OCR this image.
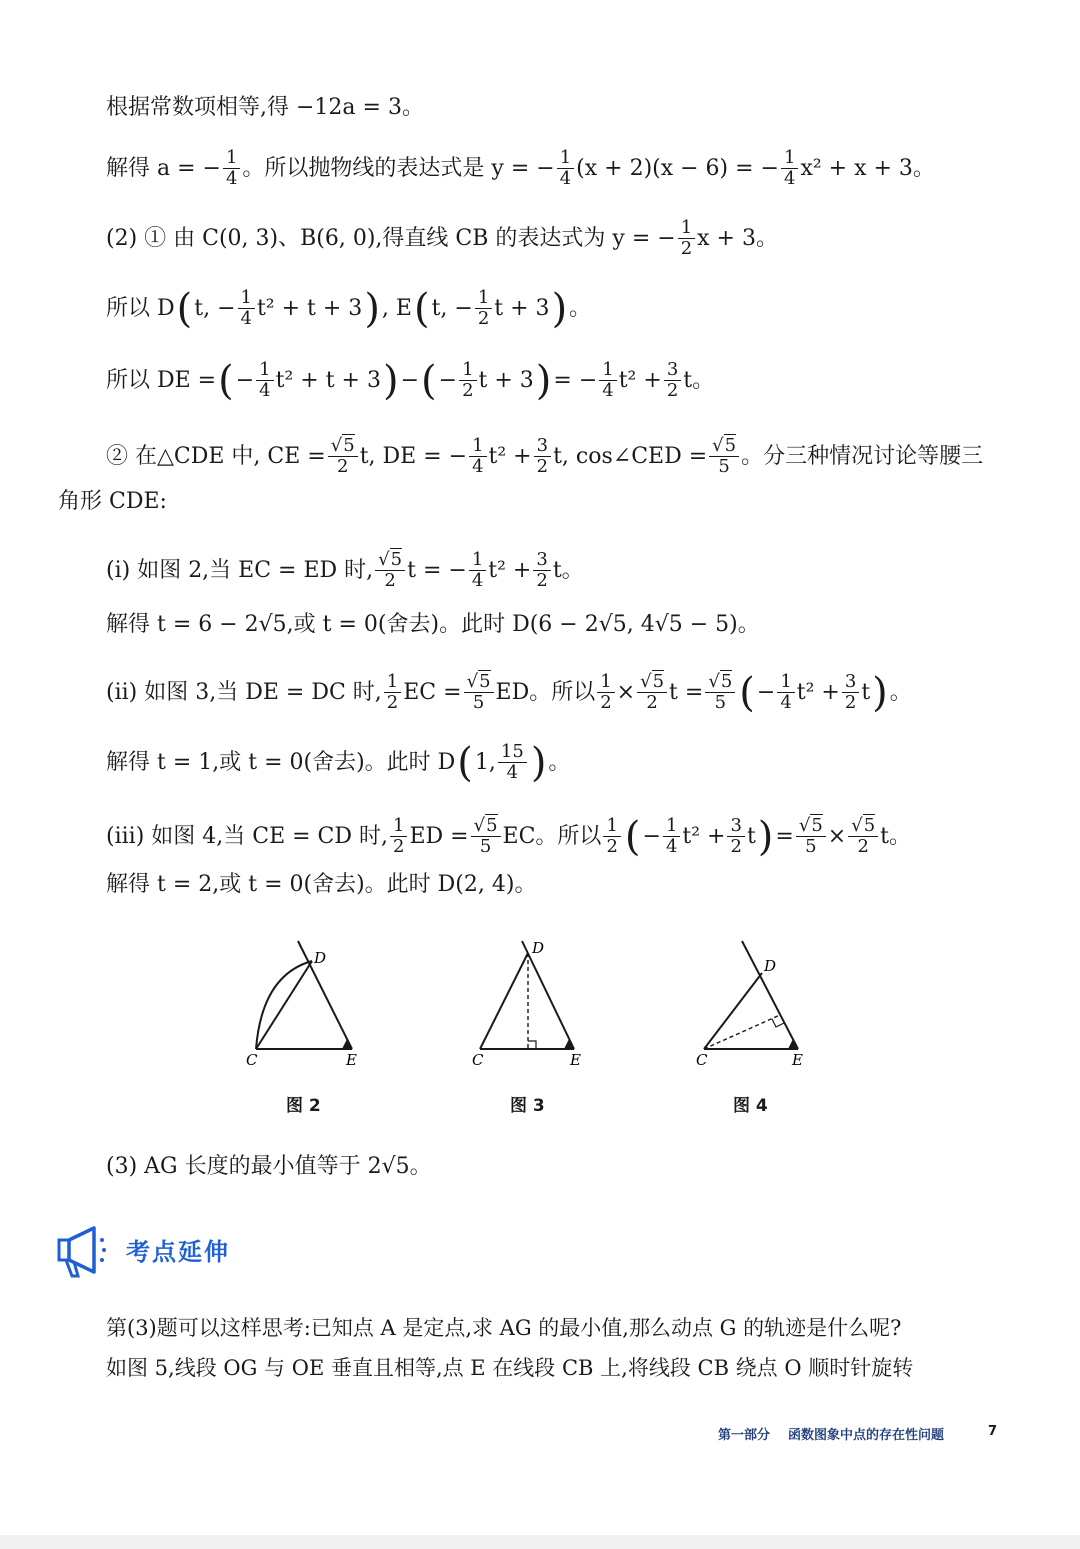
根据常数项相等,得 −12a = 3。
解得 a = − $\frac{1}{4}$ 。所以抛物线的表达式是 y = − $\frac{1}{4} (x + 2)(x - 6)$ = − $\frac{1}{4} x^2 + x + 3$。
(2) ① 由 C(0, 3)、B(6, 0),得直线 CB 的表达式为 y = − $\frac{1}{2}$ x + 3。
所以 D ( t, − $\frac{1}{4} t^2 + t + 3$ ) , E ( t, − $\frac{1}{2}$ t + 3 ) 。
所以 DE = ( − $\frac{1}{4} t^2 + t + 3$ ) − ( − $\frac{1}{2}$ t + 3 ) = − $\frac{1}{4} t^2 + \frac{3}{2}$ t。
② 在△CDE 中, CE = $\frac{√5}{2} t$, DE = − $\frac{1}{4} t^2 + \frac{3}{2} t$, cos∠CED = $\frac{√5}{5}$ 。分三种情况讨论等腰三
角形 CDE:
(i) 如图 2,当 EC = ED 时, $\frac{√5}{2}$ t = − $\frac{1}{4} t^2 + \frac{3}{2}$ t。
解得 t = 6 − 2√5,或 t = 0(舍去)。此时 D(6 − 2√5, 4√5 − 5)。
(ii) 如图 3,当 DE = DC 时, $\frac{1}{2}$ EC = $\frac{√5}{5}$ ED。所以 $\frac{1}{2} \times \frac{√5}{2}$ $t = \frac{√5}{5}$ ( − $\frac{1}{4} t^2 + \frac{3}{2}$ t ) 。
解得 t = 1,或 t = 0(舍去)。此时 D ( 1, $\frac{15}{4}$ ) 。
(iii) 如图 4,当 CE = CD 时, $\frac{1}{2}$ ED = $\frac{√5}{5}$ EC。所以 $\frac{1}{2}$ ( − $\frac{1}{4} t^2 + \frac{3}{2}$ t ) = $\frac{√5}{5} \times \frac{√5}{2}$ t。
解得 t = 2,或 t = 0(舍去)。此时 D(2, 4)。
C
D
E	C
D
E	C
D
E
图 2	图 3	图 4
(3) AG 长度的最小值等于 2√5。
考点延伸
第(3)题可以这样思考:已知点 A 是定点,求 AG 的最小值,那么动点 G 的轨迹是什么呢?
如图 5,线段 OG 与 OE 垂直且相等,点 E 在线段 CB 上,将线段 CB 绕点 O 顺时针旋转
第一部分 函数图象中点的存在性问题	7
